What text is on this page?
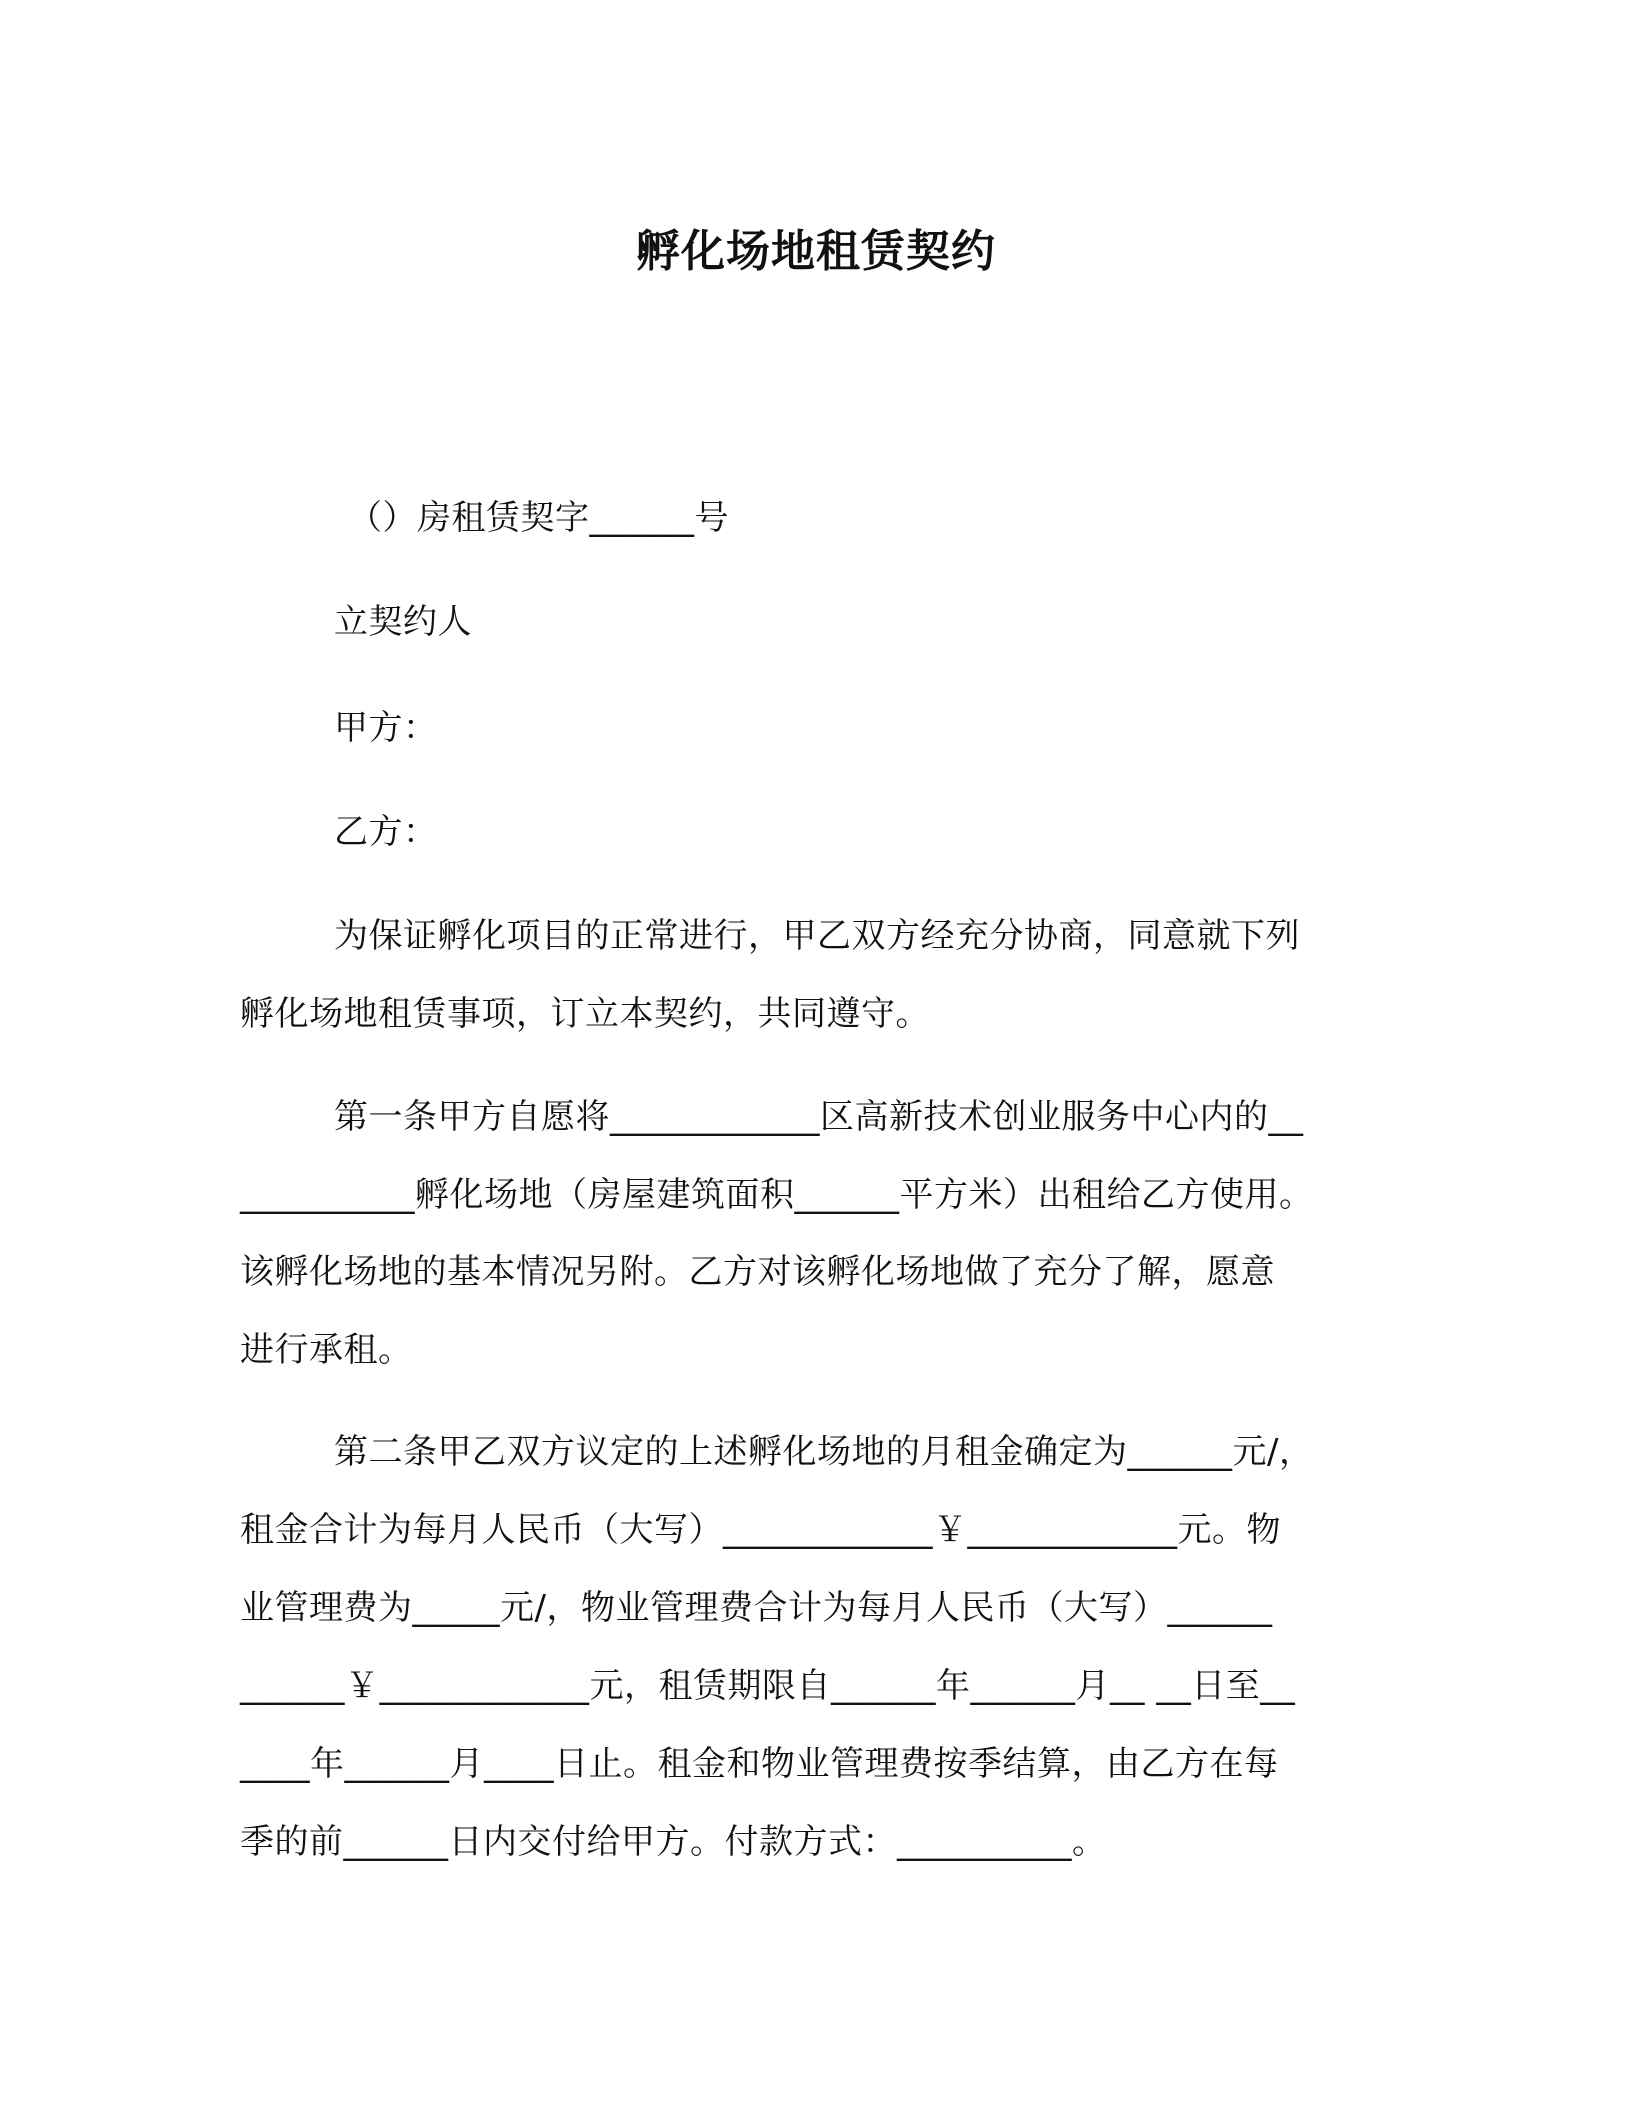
孵化场地租赁契约
（）房租赁契字______号
立契约人
甲方：
乙方：
为保证孵化项目的正常进行，甲乙双方经充分协商，同意就下列
孵化场地租赁事项，订立本契约，共同遵守。
第一条甲方自愿将____________区高新技术创业服务中心内的__
__________孵化场地（房屋建筑面积______平方米）出租给乙方使用。
该孵化场地的基本情况另附。乙方对该孵化场地做了充分了解，愿意
进行承租。
第二条甲乙双方议定的上述孵化场地的月租金确定为______元/，
租金合计为每月人民币（大写）____________￥____________元。物
业管理费为_____元/，物业管理费合计为每月人民币（大写）______
______￥____________元，租赁期限自______年______月__ __日至__
____年______月____日止。租金和物业管理费按季结算，由乙方在每
季的前______日内交付给甲方。付款方式：__________。
